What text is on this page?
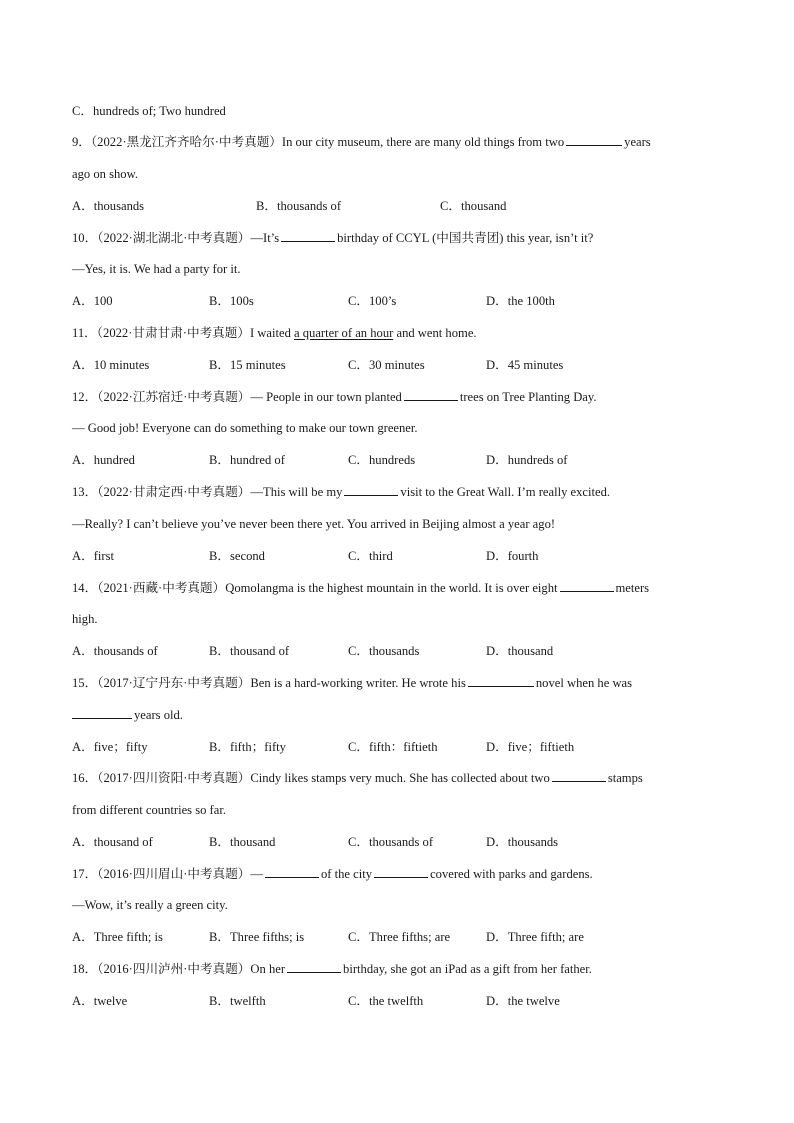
C．hundreds of; Two hundred
9．（2022·黑龙江齐齐哈尔·中考真题）In our city museum, there are many old things from two	years
ago on show.
A．thousands	B．thousands of	C．thousand
10．（2022·湖北湖北·中考真题）—It’s	birthday of CCYL (中国共青团) this year, isn’t it?
—Yes, it is. We had a party for it.
A．100	B．100s	C．100’s	D．the 100th
11．（2022·甘肃甘肃·中考真题）I waited a quarter of an hour and went home.
A．10 minutes	B．15 minutes	C．30 minutes	D．45 minutes
12．（2022·江苏宿迁·中考真题）— People in our town planted	trees on Tree Planting Day.
— Good job! Everyone can do something to make our town greener.
A．hundred	B．hundred of	C．hundreds	D．hundreds of
13．（2022·甘肃定西·中考真题）—This will be my	visit to the Great Wall. I’m really excited.
—Really? I can’t believe you’ve never been there yet. You arrived in Beijing almost a year ago!
A．first	B．second	C．third	D．fourth
14．（2021·西藏·中考真题）Qomolangma is the highest mountain in the world. It is over eight	meters
high.
A．thousands of	B．thousand of	C．thousands	D．thousand
15．（2017·辽宁丹东·中考真题）Ben is a hard-working writer. He wrote his	novel when he was
years old.
A．five；fifty	B．fifth；fifty	C．fifth：fiftieth	D．five；fiftieth
16．（2017·四川资阳·中考真题）Cindy likes stamps very much. She has collected about two	stamps
from different countries so far.
A．thousand of	B．thousand	C．thousands of	D．thousands
17．（2016·四川眉山·中考真题）—	of the city	covered with parks and gardens.
—Wow, it’s really a green city.
A．Three fifth; is	B．Three fifths; is	C．Three fifths; are	D．Three fifth; are
18．（2016·四川泸州·中考真题）On her	birthday, she got an iPad as a gift from her father.
A．twelve	B．twelfth	C．the twelfth	D．the twelve
